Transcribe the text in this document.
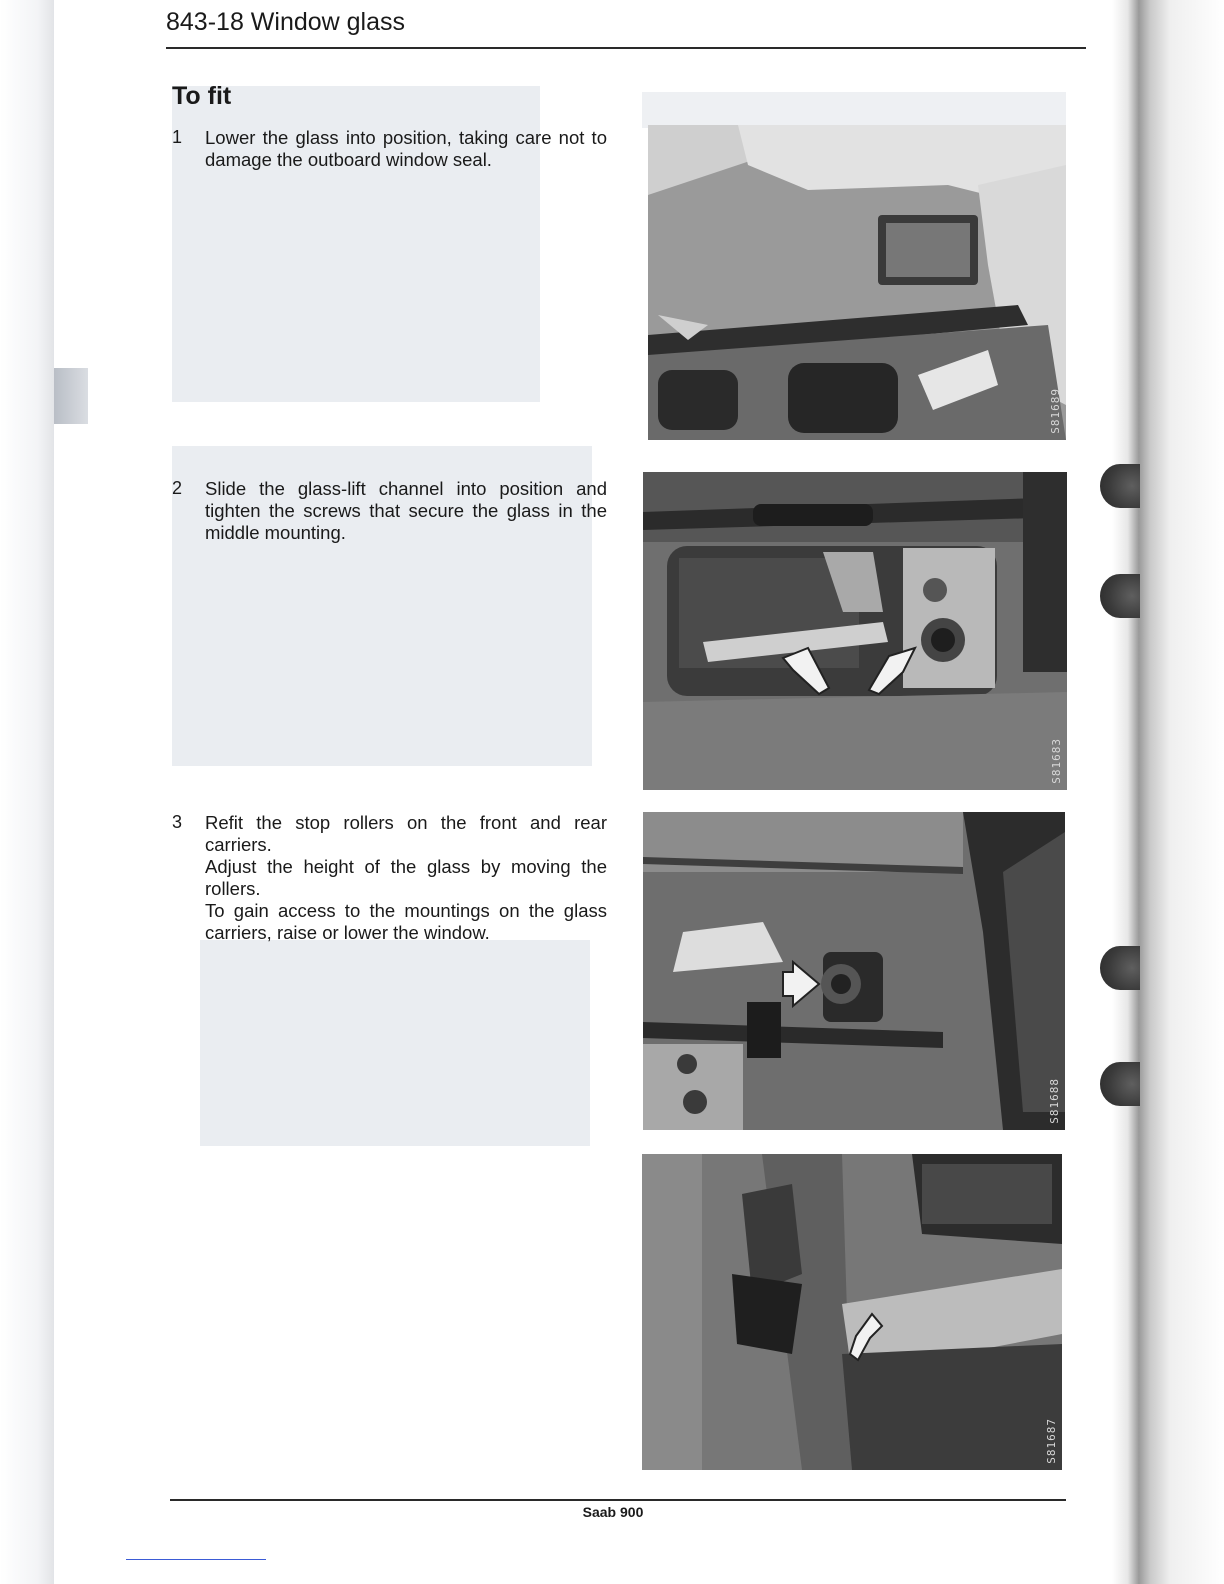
843-18 Window glass
To fit
1 Lower the glass into position, taking care not to damage the outboard window seal.
2 Slide the glass-lift channel into position and tighten the screws that secure the glass in the middle mounting.
3 Refit the stop rollers on the front and rear carriers.

Adjust the height of the glass by moving the rollers.

To gain access to the mountings on the glass carriers, raise or lower the window.

S81689
S81683
S81688
S81687
Saab 900
